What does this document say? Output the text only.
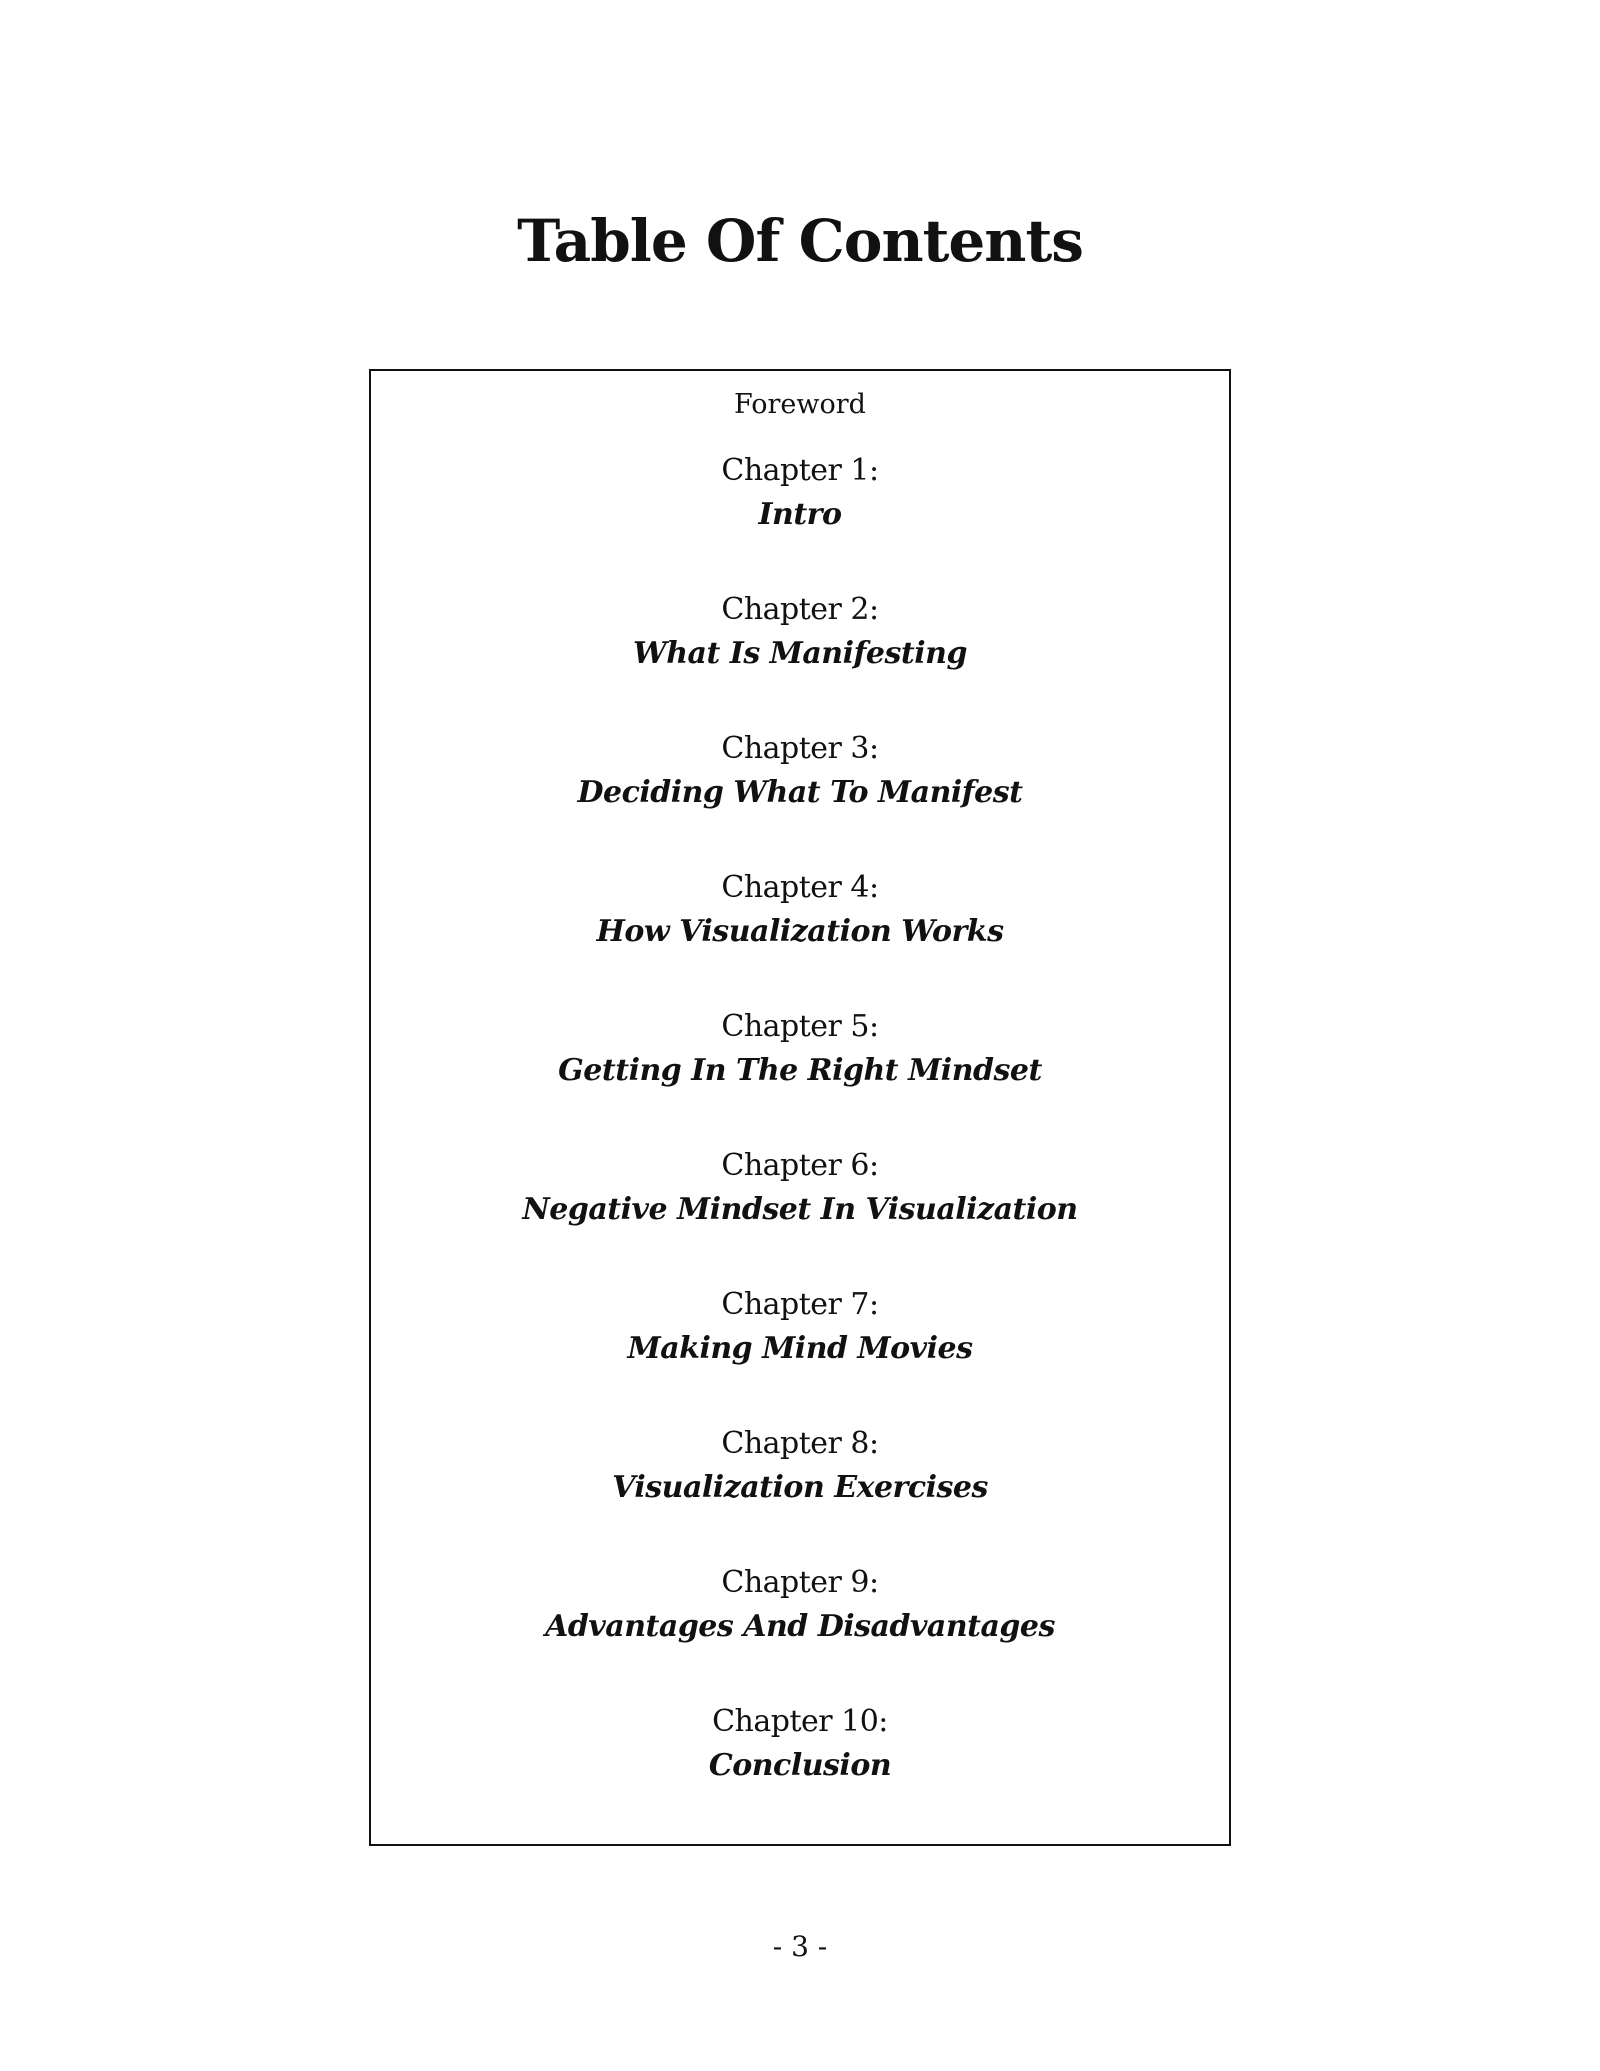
Table Of Contents
Foreword
Chapter 1:
Intro
Chapter 2:
What Is Manifesting
Chapter 3:
Deciding What To Manifest
Chapter 4:
How Visualization Works
Chapter 5:
Getting In The Right Mindset
Chapter 6:
Negative Mindset In Visualization
Chapter 7:
Making Mind Movies
Chapter 8:
Visualization Exercises
Chapter 9:
Advantages And Disadvantages
Chapter 10:
Conclusion
- 3 -
